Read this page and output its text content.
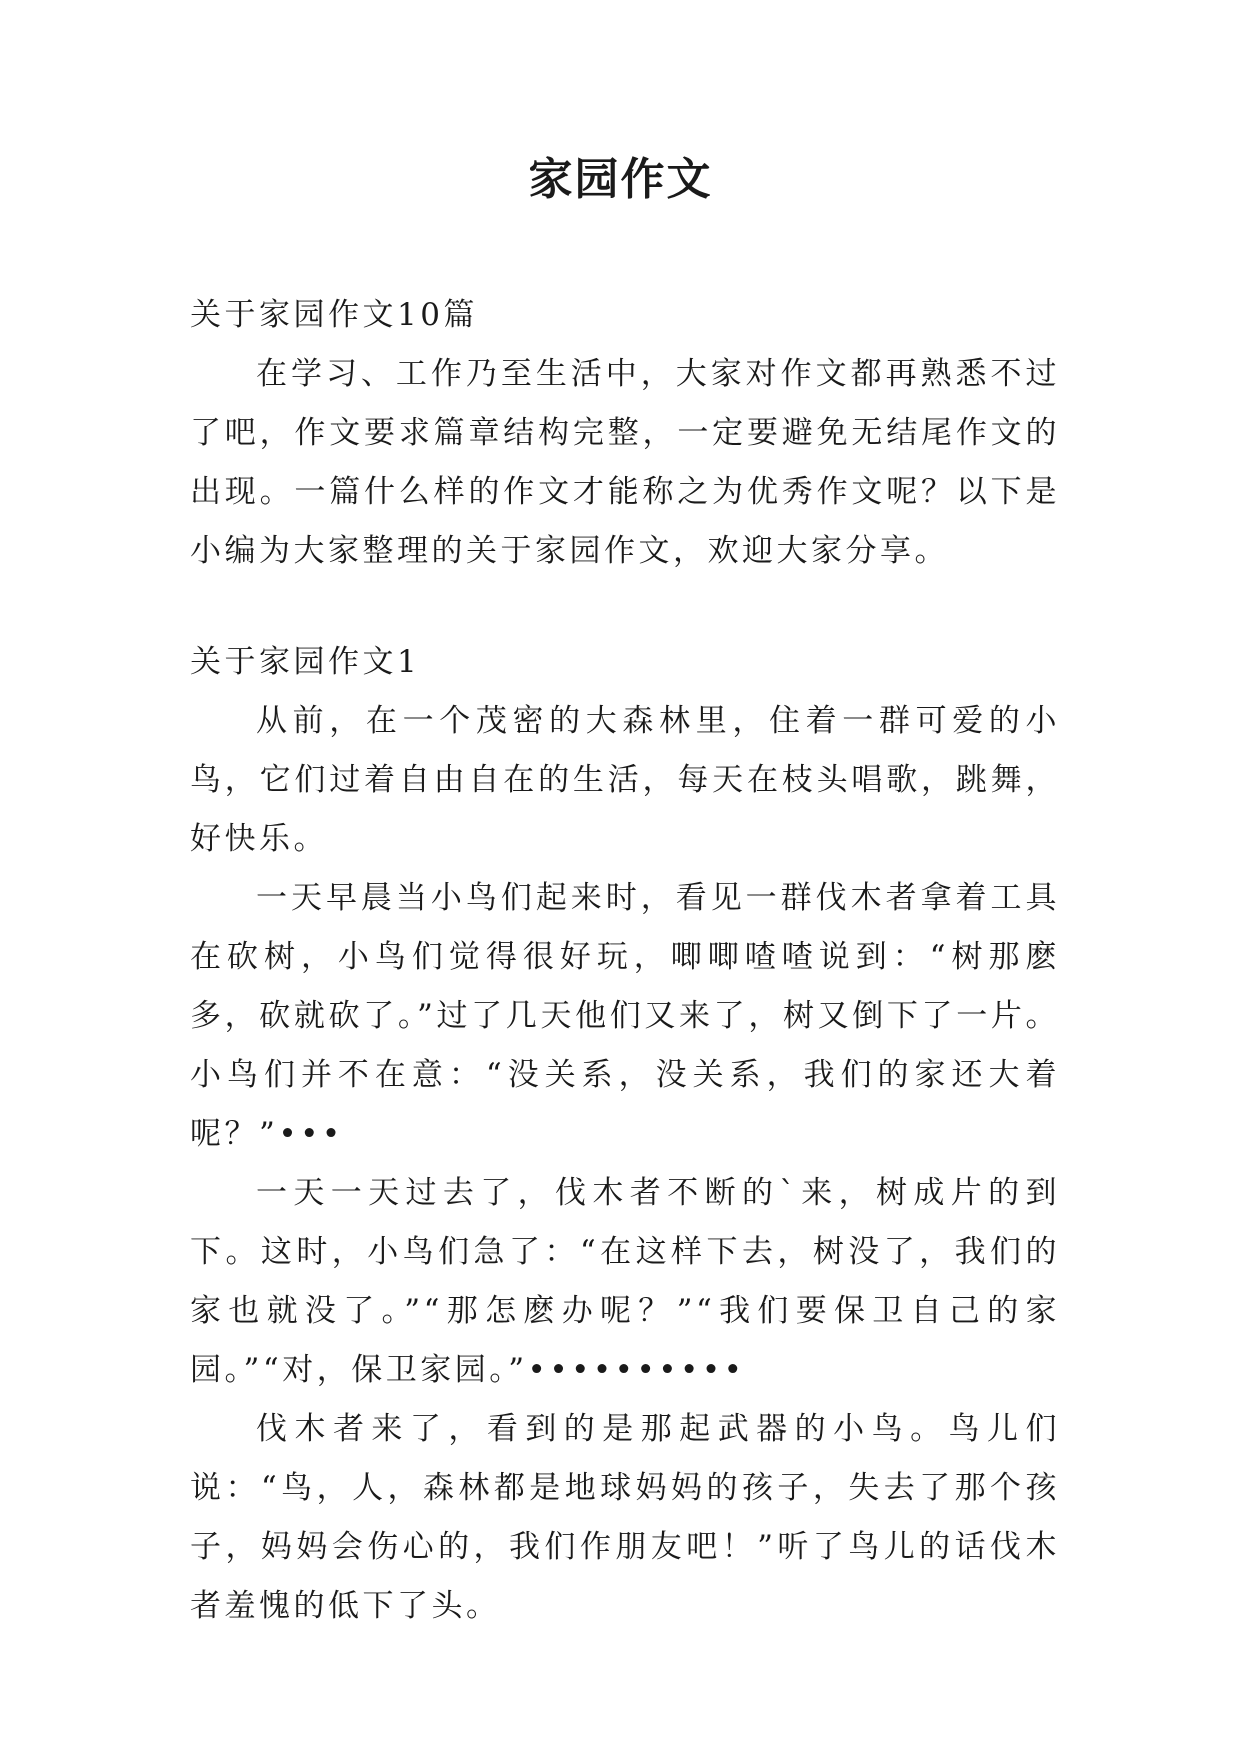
家园作文

关于家园作文10篇

在学习、工作乃至生活中，大家对作文都再熟悉不过了吧，作文要求篇章结构完整，一定要避免无结尾作文的出现。一篇什么样的作文才能称之为优秀作文呢？以下是小编为大家整理的关于家园作文，欢迎大家分享。

关于家园作文1

从前，在一个茂密的大森林里，住着一群可爱的小鸟，它们过着自由自在的生活，每天在枝头唱歌，跳舞，好快乐。

一天早晨当小鸟们起来时，看见一群伐木者拿着工具在砍树，小鸟们觉得很好玩，唧唧喳喳说到：“树那麽多，砍就砍了。”过了几天他们又来了，树又倒下了一片。小鸟们并不在意：“没关系，没关系，我们的家还大着呢？”•••

一天一天过去了，伐木者不断的`来，树成片的到下。这时，小鸟们急了：“在这样下去，树没了，我们的家也就没了。”“那怎麽办呢？”“我们要保卫自己的家园。”“对，保卫家园。”••••••••••

伐木者来了，看到的是那起武器的小鸟。鸟儿们说：“鸟，人，森林都是地球妈妈的孩子，失去了那个孩子，妈妈会伤心的，我们作朋友吧！”听了鸟儿的话伐木者羞愧的低下了头。
